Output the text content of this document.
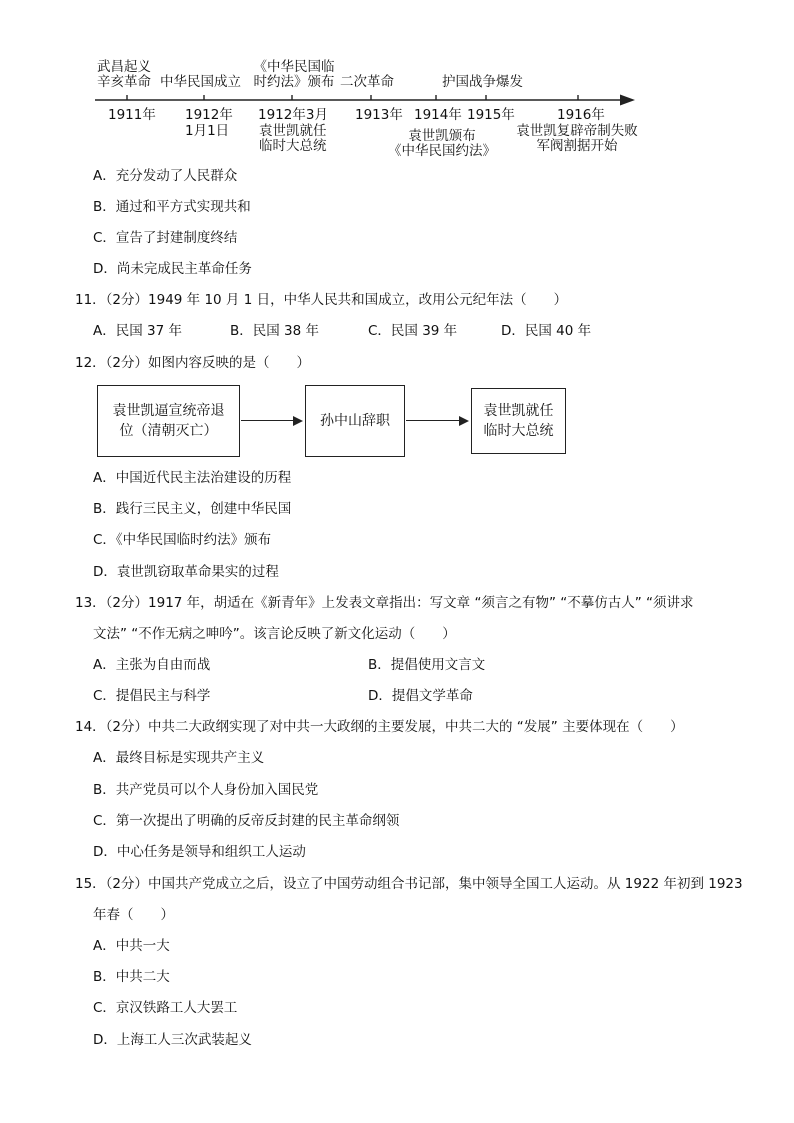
武昌起义
辛亥革命 中华民国成立
《中华民国临
时约法》颁布 二次革命	护国战争爆发
1911年 1912年 1912年3月 1913年 1914年 1915年	1916年
1月1日 袁世凯就任
临时大总统
袁世凯颁布
《中华民国约法》
袁世凯复辟帝制失败
军阀割据开始
A．充分发动了人民群众
B．通过和平方式实现共和
C．宣告了封建制度终结
D．尚未完成民主革命任务
11．（2分）1949 年 10 月 1 日，中华人民共和国成立，改用公元纪年法（　　）
A．民国 37 年	B．民国 38 年	C．民国 39 年	D．民国 40 年
12．（2分）如图内容反映的是（　　）
袁世凯逼宣统帝退位（清朝灭亡）
孙中山辞职
袁世凯就任临时大总统
A．中国近代民主法治建设的历程
B．践行三民主义，创建中华民国
C．《中华民国临时约法》颁布
D．袁世凯窃取革命果实的过程
13．（2分）1917 年，胡适在《新青年》上发表文章指出：写文章 “须言之有物” “不摹仿古人” “须讲求
文法” “不作无病之呻吟”。该言论反映了新文化运动（　　）
A．主张为自由而战	B．提倡使用文言文
C．提倡民主与科学	D．提倡文学革命
14．（2分）中共二大政纲实现了对中共一大政纲的主要发展，中共二大的 “发展” 主要体现在（　　）
A．最终目标是实现共产主义
B．共产党员可以个人身份加入国民党
C．第一次提出了明确的反帝反封建的民主革命纲领
D．中心任务是领导和组织工人运动
15．（2分）中国共产党成立之后，设立了中国劳动组合书记部，集中领导全国工人运动。从 1922 年初到 1923
年春（　　）
A．中共一大
B．中共二大
C．京汉铁路工人大罢工
D．上海工人三次武装起义
